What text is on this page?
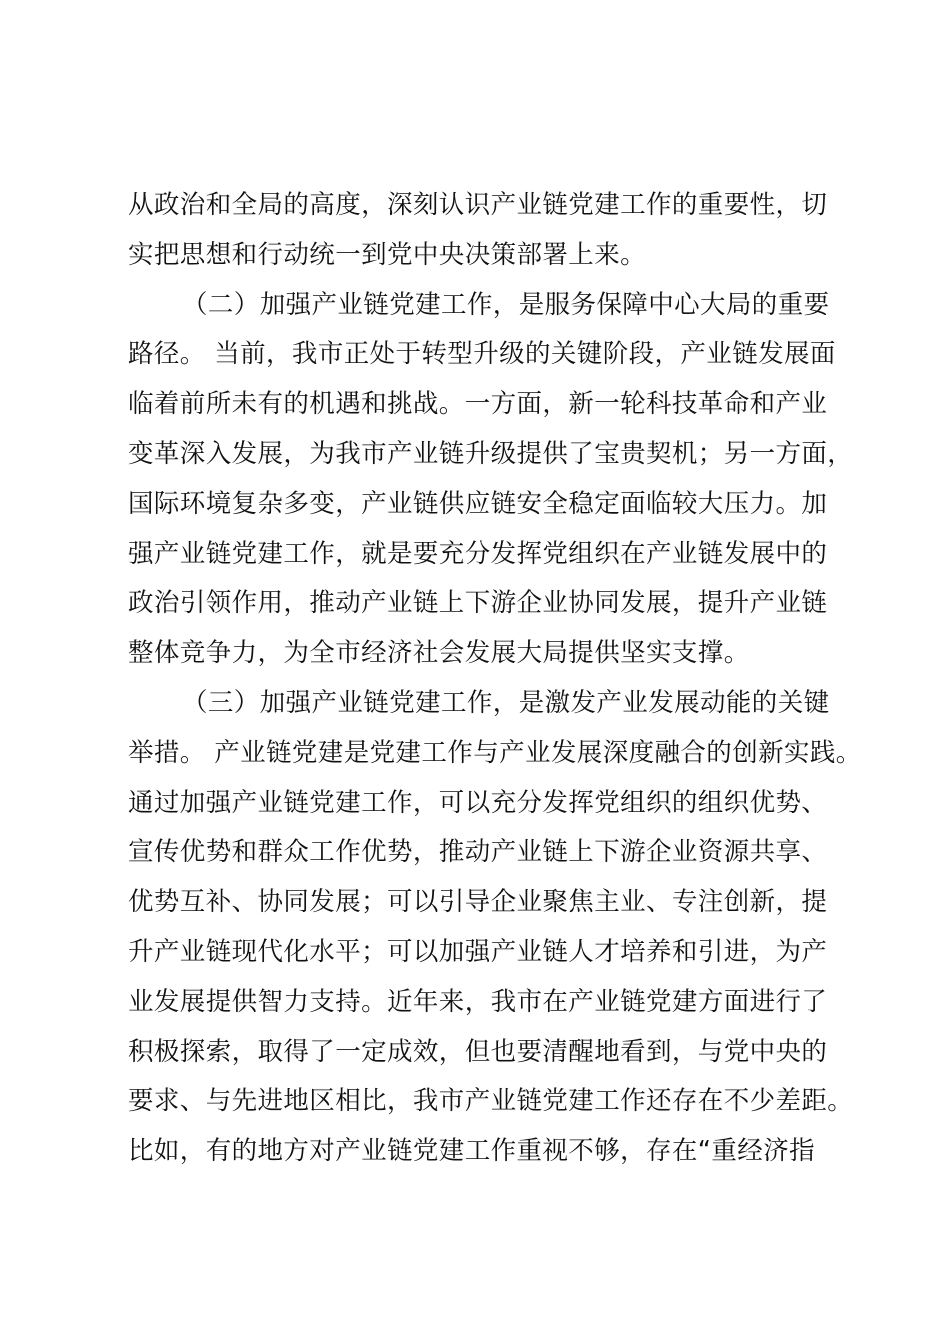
从政治和全局的高度，深刻认识产业链党建工作的重要性，切
实把思想和行动统一到党中央决策部署上来。
（二）加强产业链党建工作，是服务保障中心大局的重要
路径。 当前，我市正处于转型升级的关键阶段，产业链发展面
临着前所未有的机遇和挑战。一方面，新一轮科技革命和产业
变革深入发展，为我市产业链升级提供了宝贵契机；另一方面，
国际环境复杂多变，产业链供应链安全稳定面临较大压力。加
强产业链党建工作，就是要充分发挥党组织在产业链发展中的
政治引领作用，推动产业链上下游企业协同发展，提升产业链
整体竞争力，为全市经济社会发展大局提供坚实支撑。
（三）加强产业链党建工作，是激发产业发展动能的关键
举措。 产业链党建是党建工作与产业发展深度融合的创新实践。
通过加强产业链党建工作，可以充分发挥党组织的组织优势、
宣传优势和群众工作优势，推动产业链上下游企业资源共享、
优势互补、协同发展；可以引导企业聚焦主业、专注创新，提
升产业链现代化水平；可以加强产业链人才培养和引进，为产
业发展提供智力支持。近年来，我市在产业链党建方面进行了
积极探索，取得了一定成效，但也要清醒地看到，与党中央的
要求、与先进地区相比，我市产业链党建工作还存在不少差距。
比如，有的地方对产业链党建工作重视不够，存在“重经济指
